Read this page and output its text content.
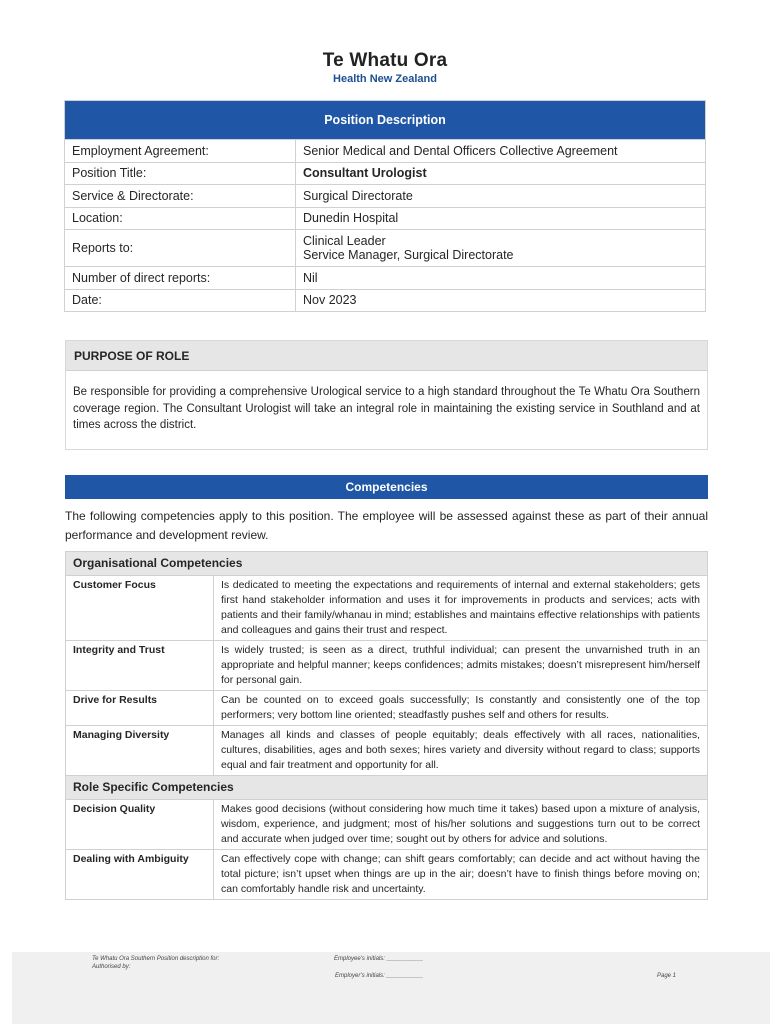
Te Whatu Ora
Health New Zealand
Position Description	
Employment Agreement:	Senior Medical and Dental Officers Collective Agreement
Position Title:	Consultant Urologist
Service & Directorate:	Surgical Directorate
Location:	Dunedin Hospital
Reports to:	Clinical Leader
Service Manager, Surgical Directorate

Number of direct reports:	Nil
Date:	Nov 2023
PURPOSE OF ROLE
Be responsible for providing a comprehensive Urological service to a high standard throughout the Te Whatu Ora Southern coverage region. The Consultant Urologist will take an integral role in maintaining the existing service in Southland and at times across the district.
Competencies
The following competencies apply to this position. The employee will be assessed against these as part of their annual performance and development review.
Organisational Competencies	
Customer Focus	Is dedicated to meeting the expectations and requirements of internal and external stakeholders; gets first hand stakeholder information and uses it for improvements in products and services; acts with patients and their family/whanau in mind; establishes and maintains effective relationships with patients and colleagues and gains their trust and respect.
Integrity and Trust	Is widely trusted; is seen as a direct, truthful individual; can present the unvarnished truth in an appropriate and helpful manner; keeps confidences; admits mistakes; doesn’t misrepresent him/herself for personal gain.
Drive for Results	Can be counted on to exceed goals successfully; Is constantly and consistently one of the top performers; very bottom line oriented; steadfastly pushes self and others for results.
Managing Diversity	Manages all kinds and classes of people equitably; deals effectively with all races, nationalities, cultures, disabilities, ages and both sexes; hires variety and diversity without regard to class; supports equal and fair treatment and opportunity for all.
Role Specific Competencies	
Decision Quality	Makes good decisions (without considering how much time it takes) based upon a mixture of analysis, wisdom, experience, and judgment; most of his/her solutions and suggestions turn out to be correct and accurate when judged over time; sought out by others for advice and solutions.
Dealing with Ambiguity	Can effectively cope with change; can shift gears comfortably; can decide and act without having the total picture; isn’t upset when things are up in the air; doesn’t have to finish things before moving on; can comfortably handle risk and uncertainty.
Te Whatu Ora Southern Position description for:
Authorised by:
Employee’s initials: ___________
Employer’s initials: ___________	Page 1
